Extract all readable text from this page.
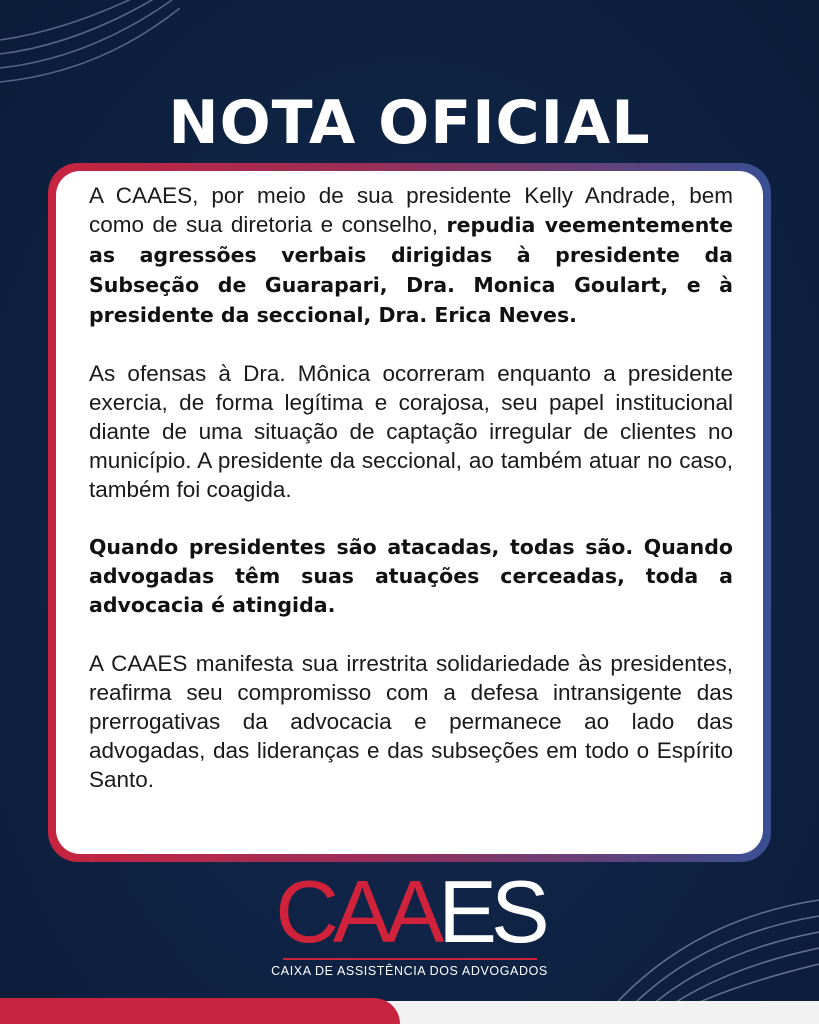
NOTA OFICIAL

A CAAES, por meio de sua presidente Kelly Andrade, bem como de sua diretoria e conselho, repudia veementemente as agressões verbais dirigidas à presidente da Subseção de Guarapari, Dra. Monica Goulart, e à presidente da seccional, Dra. Erica Neves.

As ofensas à Dra. Mônica ocorreram enquanto a presidente exercia, de forma legítima e corajosa, seu papel institucional diante de uma situação de captação irregular de clientes no município. A presidente da seccional, ao também atuar no caso, também foi coagida.

Quando presidentes são atacadas, todas são. Quando advogadas têm suas atuações cerceadas, toda a advocacia é atingida.

A CAAES manifesta sua irrestrita solidariedade às presidentes, reafirma seu compromisso com a defesa intransigente das prerrogativas da advocacia e permanece ao lado das advogadas, das lideranças e das subseções em todo o Espírito Santo.

CAAES
CAIXA DE ASSISTÊNCIA DOS ADVOGADOS
